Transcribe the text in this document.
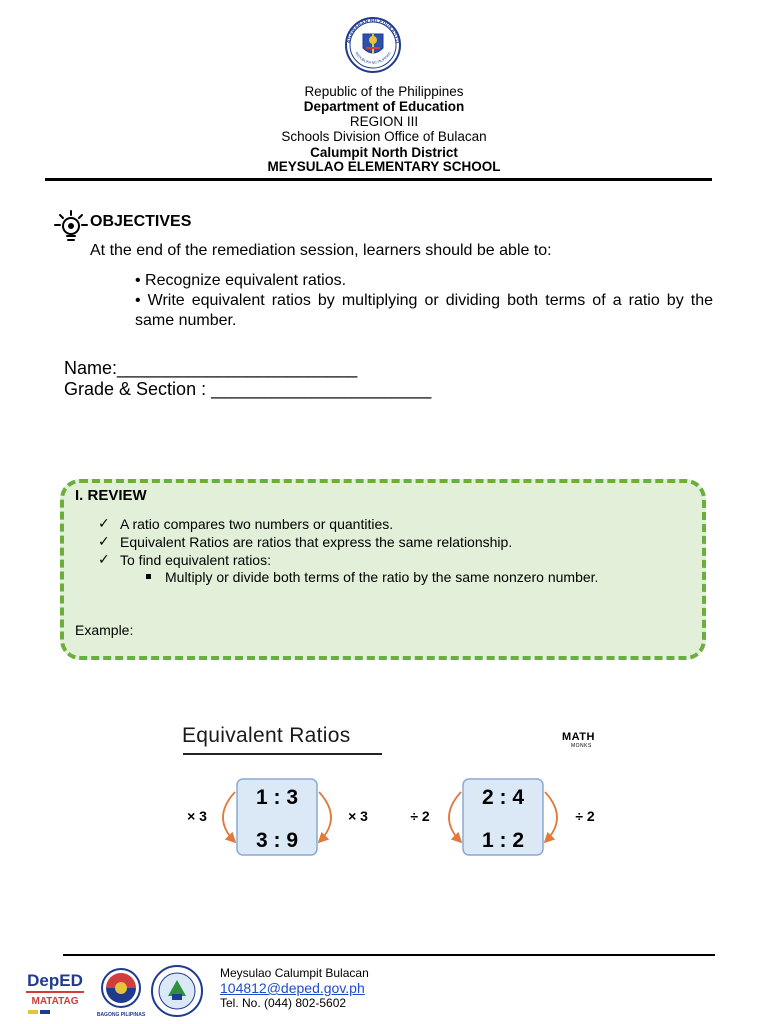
AGAWARAN NG EDUKASYO
REPUBLIKA NG PILIPINAS
Republic of the Philippines
Department of Education
REGION III
Schools Division Office of Bulacan
Calumpit North District
MEYSULAO ELEMENTARY SCHOOL
OBJECTIVES
At the end of the remediation session, learners should be able to:
• Recognize equivalent ratios.
• Write equivalent ratios by multiplying or dividing both terms of a ratio by the same number.
Name:________________________
Grade & Section : ______________________
I. REVIEW
✓ A ratio compares two numbers or quantities.
✓ Equivalent Ratios are ratios that express the same relationship.
✓ To find equivalent ratios:
Multiply or divide both terms of the ratio by the same nonzero number.
Example:
Equivalent Ratios	MATH
MONKS
1 : 3
3 : 9
× 3	× 3
2 : 4
1 : 2
÷ 2	÷ 2
DepED
MATATAG
BAGONG PILIPINAS
Meysulao Calumpit Bulacan
104812@deped.gov.ph
Tel. No. (044) 802-5602
